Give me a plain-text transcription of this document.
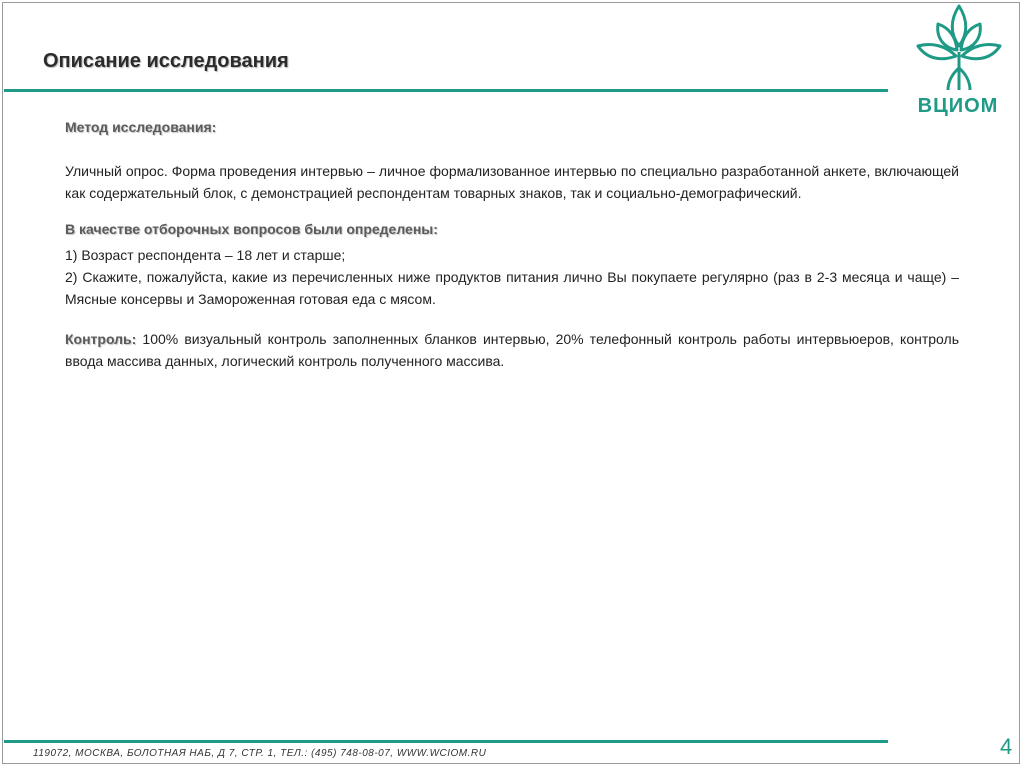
Описание исследования
ВЦИОМ

Метод исследования:

Уличный опрос. Форма проведения интервью – личное формализованное интервью по специально разработанной анкете, включающей как содержательный блок, с демонстрацией респондентам товарных знаков, так и социально-демографический.

В качестве отборочных вопросов были определены:

1) Возраст респондента – 18 лет и старше;

2) Скажите, пожалуйста, какие из перечисленных ниже продуктов питания лично Вы покупаете регулярно (раз в 2-3 месяца и чаще) – Мясные консервы и Замороженная готовая еда с мясом.

Контроль: 100% визуальный контроль заполненных бланков интервью, 20% телефонный контроль работы интервьюеров, контроль ввода массива данных, логический контроль полученного массива.

119072, МОСКВА, БОЛОТНАЯ НАБ, Д 7, СТР. 1, ТЕЛ.: (495) 748-08-07, WWW.WCIOM.RU	4
